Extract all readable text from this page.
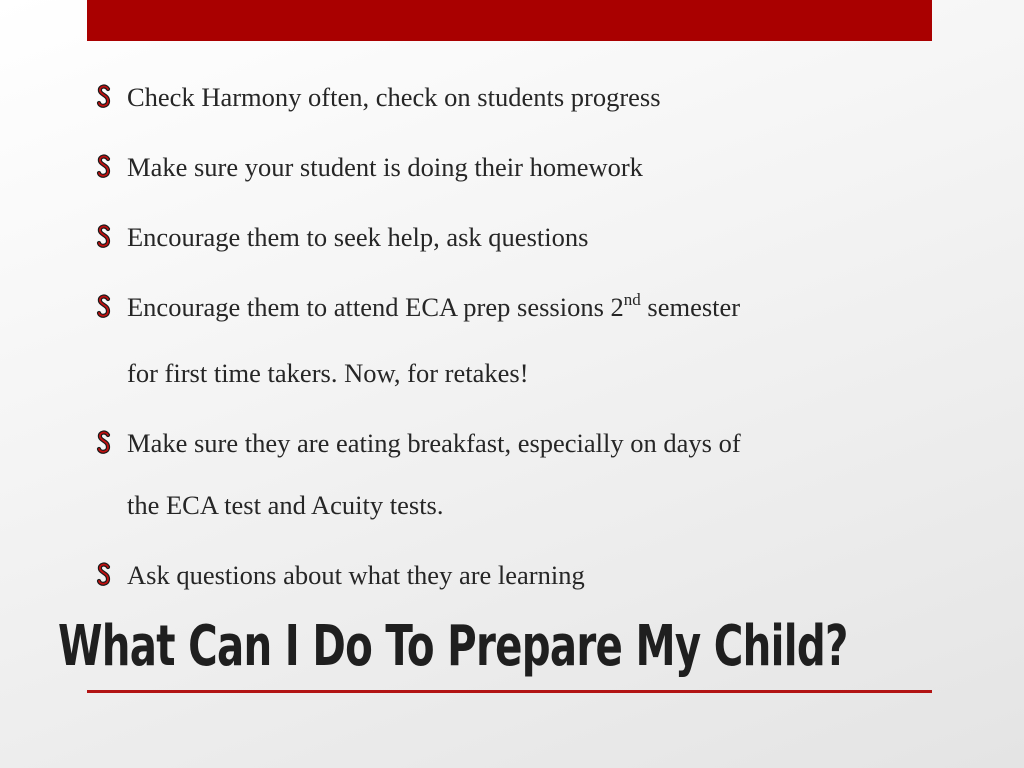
Check Harmony often, check on students progress
Make sure your student is doing their homework
Encourage them to seek help, ask questions
Encourage them to attend ECA prep sessions 2nd semester
for first time takers. Now, for retakes!
Make sure they are eating breakfast, especially on days of
the ECA test and Acuity tests.
Ask questions about what they are learning
What Can I Do To Prepare My Child?
